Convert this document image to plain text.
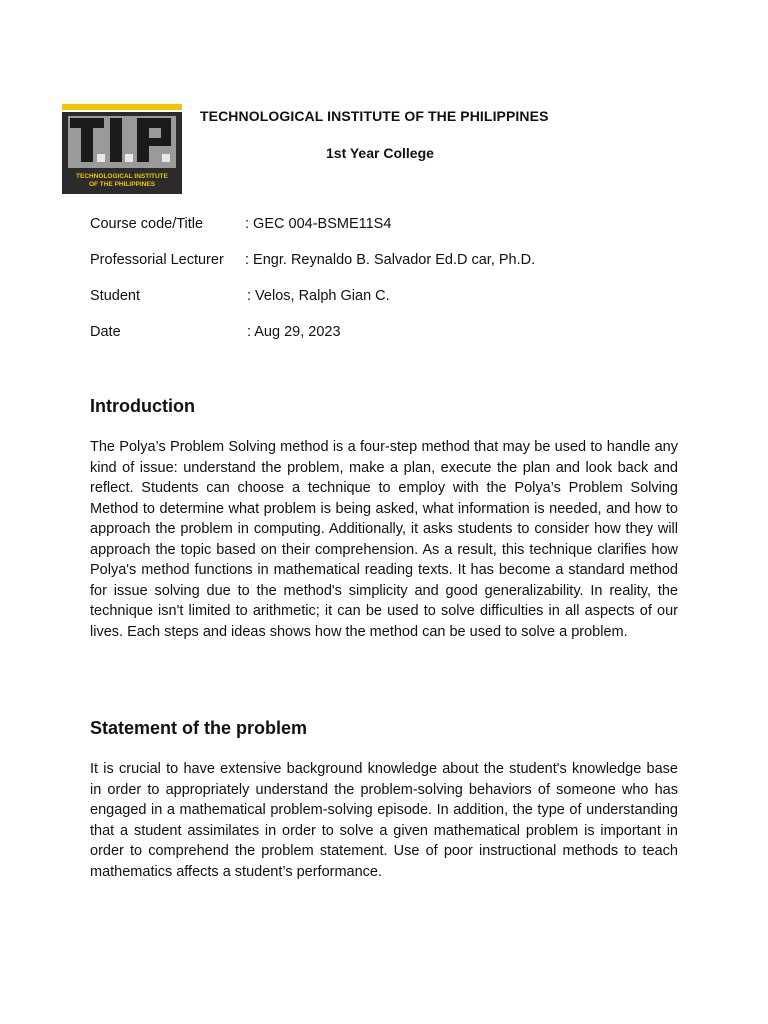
TECHNOLOGICAL INSTITUTE
OF THE PHILIPPINES
TECHNOLOGICAL INSTITUTE OF THE PHILIPPINES
1st Year College
Course code/Title	: GEC 004-BSME11S4
Professorial Lecturer : Engr. Reynaldo B. Salvador Ed.D car, Ph.D.
Student	: Velos, Ralph Gian C.
Date	: Aug 29, 2023
Introduction
The Polya’s Problem Solving method is a four-step method that may be used to handle any kind of issue: understand the problem, make a plan, execute the plan and look back and reflect. Students can choose a technique to employ with the Polya’s Problem Solving Method to determine what problem is being asked, what information is needed, and how to approach the problem in computing. Additionally, it asks students to consider how they will approach the topic based on their comprehension. As a result, this technique clarifies how Polya's method functions in mathematical reading texts. It has become a standard method for issue solving due to the method's simplicity and good generalizability. In reality, the technique isn't limited to arithmetic; it can be used to solve difficulties in all aspects of our lives. Each steps and ideas shows how the method can be used to solve a problem.
Statement of the problem
It is crucial to have extensive background knowledge about the student's knowledge base in order to appropriately understand the problem-solving behaviors of someone who has engaged in a mathematical problem-solving episode. In addition, the type of understanding that a student assimilates in order to solve a given mathematical problem is important in order to comprehend the problem statement. Use of poor instructional methods to teach mathematics affects a student’s performance.
